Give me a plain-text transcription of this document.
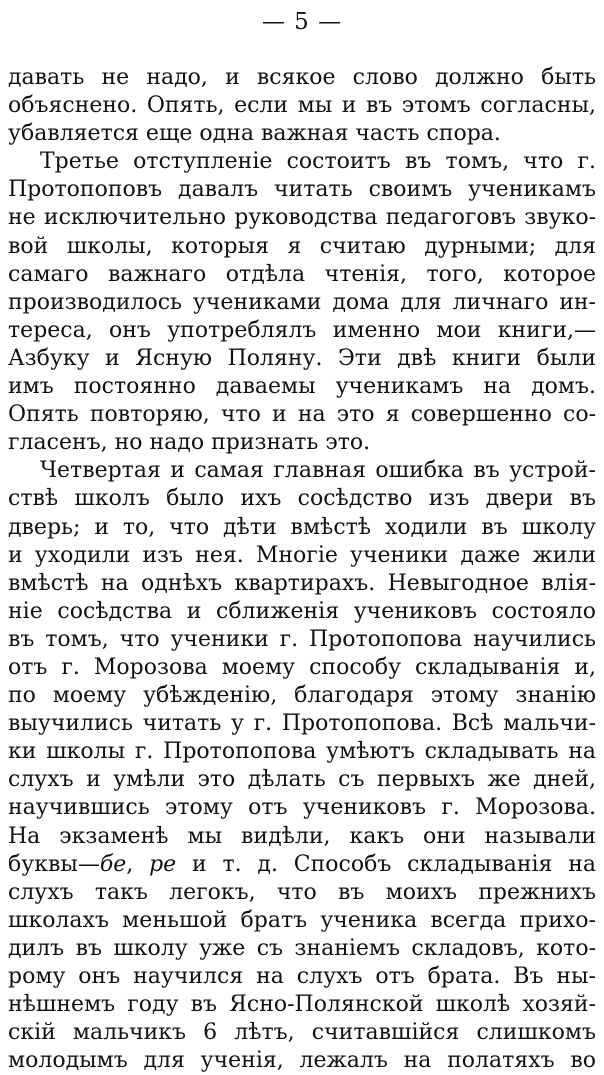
— 5 —
давать не надо, и всякое слово должно быть
объяснено. Опять, если мы и въ этомъ согласны,
убавляется еще одна важная часть спора.
Третье отступленіе состоитъ въ томъ, что г.
Протопоповъ давалъ читать своимъ ученикамъ
не исключительно руководства педагоговъ звуко-
вой школы, которыя я считаю дурными; для
самаго важнаго отдѣла чтенія, того, которое
производилось учениками дома для личнаго ин-
тереса, онъ употреблялъ именно мои книги,—
Азбуку и Ясную Поляну. Эти двѣ книги были
имъ постоянно даваемы ученикамъ на домъ.
Опять повторяю, что и на это я совершенно со-
гласенъ, но надо признать это.
Четвертая и самая главная ошибка въ устрой-
ствѣ школъ было ихъ сосѣдство изъ двери въ
дверь; и то, что дѣти вмѣстѣ ходили въ школу
и уходили изъ нея. Многіе ученики даже жили
вмѣстѣ на однѣхъ квартирахъ. Невыгодное влія-
ніе сосѣдства и сближенія учениковъ состояло
въ томъ, что ученики г. Протопопова научились
отъ г. Морозова моему способу складыванія и,
по моему убѣжденію, благодаря этому знанію
выучились читать у г. Протопопова. Всѣ мальчи-
ки школы г. Протопопова умѣютъ складывать на
слухъ и умѣли это дѣлать съ первыхъ же дней,
научившись этому отъ учениковъ г. Морозова.
На экзаменѣ мы видѣли, какъ они называли
буквы—бе, ре и т. д. Способъ складыванія на
слухъ такъ легокъ, что въ моихъ прежнихъ
школахъ меньшой братъ ученика всегда прихо-
дилъ въ школу уже съ знаніемъ складовъ, кото-
рому онъ научился на слухъ отъ брата. Въ ны-
нѣшнемъ году въ Ясно-Полянской школѣ хозяй-
скій мальчикъ 6 лѣтъ, считавшійся слишкомъ
молодымъ для ученія, лежалъ на полатяхъ во
